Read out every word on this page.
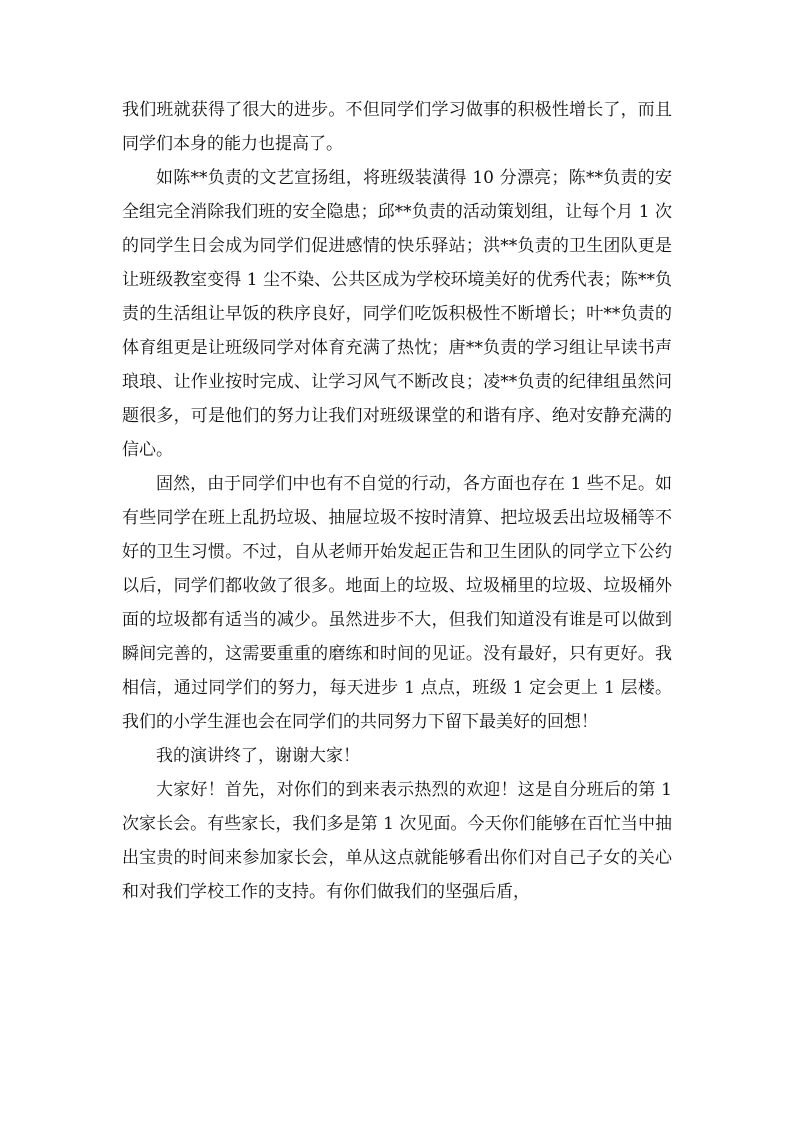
我们班就获得了很大的进步。不但同学们学习做事的积极性增长了，而且同学们本身的能力也提高了。

如陈**负责的文艺宣扬组，将班级装潢得 10 分漂亮；陈**负责的安全组完全消除我们班的安全隐患；邱**负责的活动策划组，让每个月 1 次的同学生日会成为同学们促进感情的快乐驿站；洪**负责的卫生团队更是让班级教室变得 1 尘不染、公共区成为学校环境美好的优秀代表；陈**负责的生活组让早饭的秩序良好，同学们吃饭积极性不断增长；叶**负责的体育组更是让班级同学对体育充满了热忱；唐**负责的学习组让早读书声琅琅、让作业按时完成、让学习风气不断改良；凌**负责的纪律组虽然问题很多，可是他们的努力让我们对班级课堂的和谐有序、绝对安静充满的信心。

固然，由于同学们中也有不自觉的行动，各方面也存在 1 些不足。如有些同学在班上乱扔垃圾、抽屉垃圾不按时清算、把垃圾丢出垃圾桶等不好的卫生习惯。不过，自从老师开始发起正告和卫生团队的同学立下公约以后，同学们都收敛了很多。地面上的垃圾、垃圾桶里的垃圾、垃圾桶外面的垃圾都有适当的减少。虽然进步不大，但我们知道没有谁是可以做到瞬间完善的，这需要重重的磨练和时间的见证。没有最好，只有更好。我相信，通过同学们的努力，每天进步 1 点点，班级 1 定会更上 1 层楼。我们的小学生涯也会在同学们的共同努力下留下最美好的回想！

我的演讲终了，谢谢大家！

大家好！首先，对你们的到来表示热烈的欢迎！这是自分班后的第 1 次家长会。有些家长，我们多是第 1 次见面。今天你们能够在百忙当中抽出宝贵的时间来参加家长会，单从这点就能够看出你们对自己子女的关心和对我们学校工作的支持。有你们做我们的坚强后盾，
